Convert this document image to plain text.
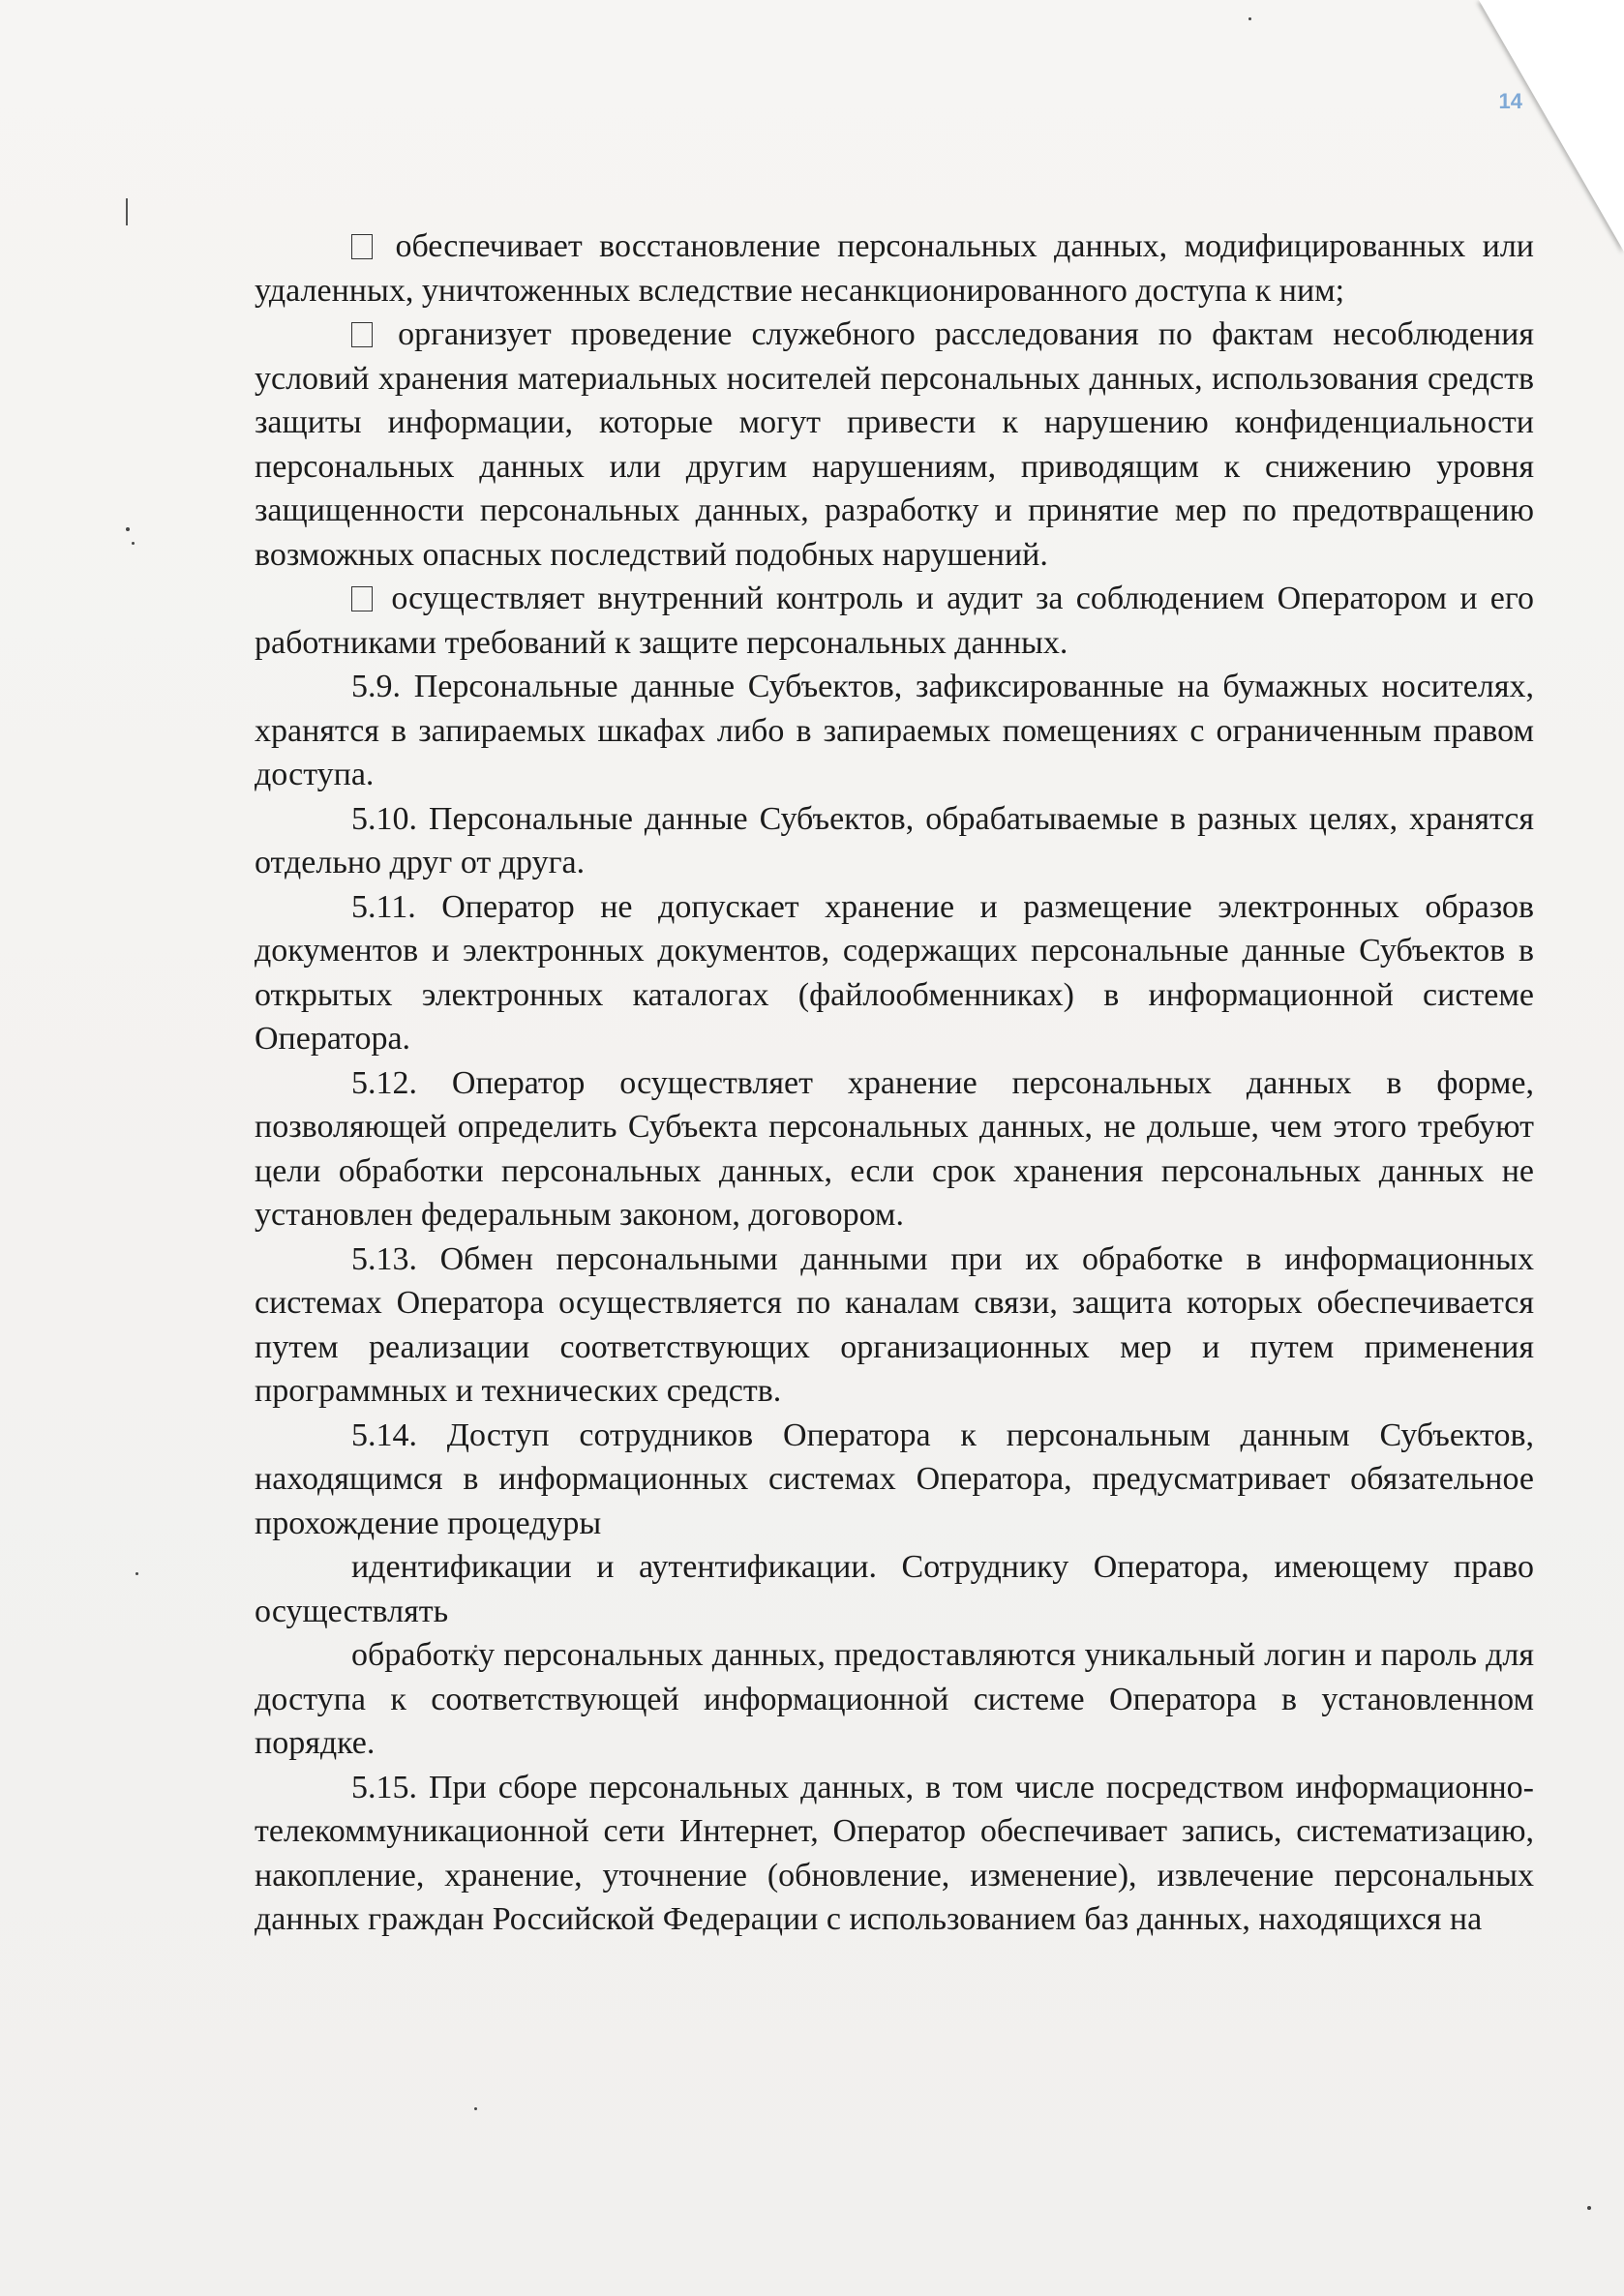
14

обеспечивает восстановление персональных данных, модифицированных или удаленных, уничтоженных вследствие несанкционированного доступа к ним;

организует проведение служебного расследования по фактам несоблюдения условий хранения материальных носителей персональных данных, использования средств защиты информации, которые могут привести к нарушению конфиденциальности персональных данных или другим нарушениям, приводящим к снижению уровня защищенности персональных данных, разработку и принятие мер по предотвращению возможных опасных последствий подобных нарушений.

осуществляет внутренний контроль и аудит за соблюдением Оператором и его работниками требований к защите персональных данных.

5.9. Персональные данные Субъектов, зафиксированные на бумажных носителях, хранятся в запираемых шкафах либо в запираемых помещениях с ограниченным правом доступа.

5.10. Персональные данные Субъектов, обрабатываемые в разных целях, хранятся отдельно друг от друга.

5.11. Оператор не допускает хранение и размещение электронных образов документов и электронных документов, содержащих персональные данные Субъектов в открытых электронных каталогах (файлообменниках) в информационной системе Оператора.

5.12. Оператор осуществляет хранение персональных данных в форме, позволяющей определить Субъекта персональных данных, не дольше, чем этого требуют цели обработки персональных данных, если срок хранения персональных данных не установлен федеральным законом, договором.

5.13. Обмен персональными данными при их обработке в информационных системах Оператора осуществляется по каналам связи, защита которых обеспечивается путем реализации соответствующих организационных мер и путем применения программных и технических средств.

5.14. Доступ сотрудников Оператора к персональным данным Субъектов, находящимся в информационных системах Оператора, предусматривает обязательное прохождение процедуры

идентификации и аутентификации. Сотруднику Оператора, имеющему право осуществлять

обработку персональных данных, предоставляются уникальный логин и пароль для доступа к соответствующей информационной системе Оператора в установленном порядке.

5.15. При сборе персональных данных, в том числе посредством информационно-телекоммуникационной сети Интернет, Оператор обеспечивает запись, систематизацию, накопление, хранение, уточнение (обновление, изменение), извлечение персональных данных граждан Российской Федерации с использованием баз данных, находящихся на
